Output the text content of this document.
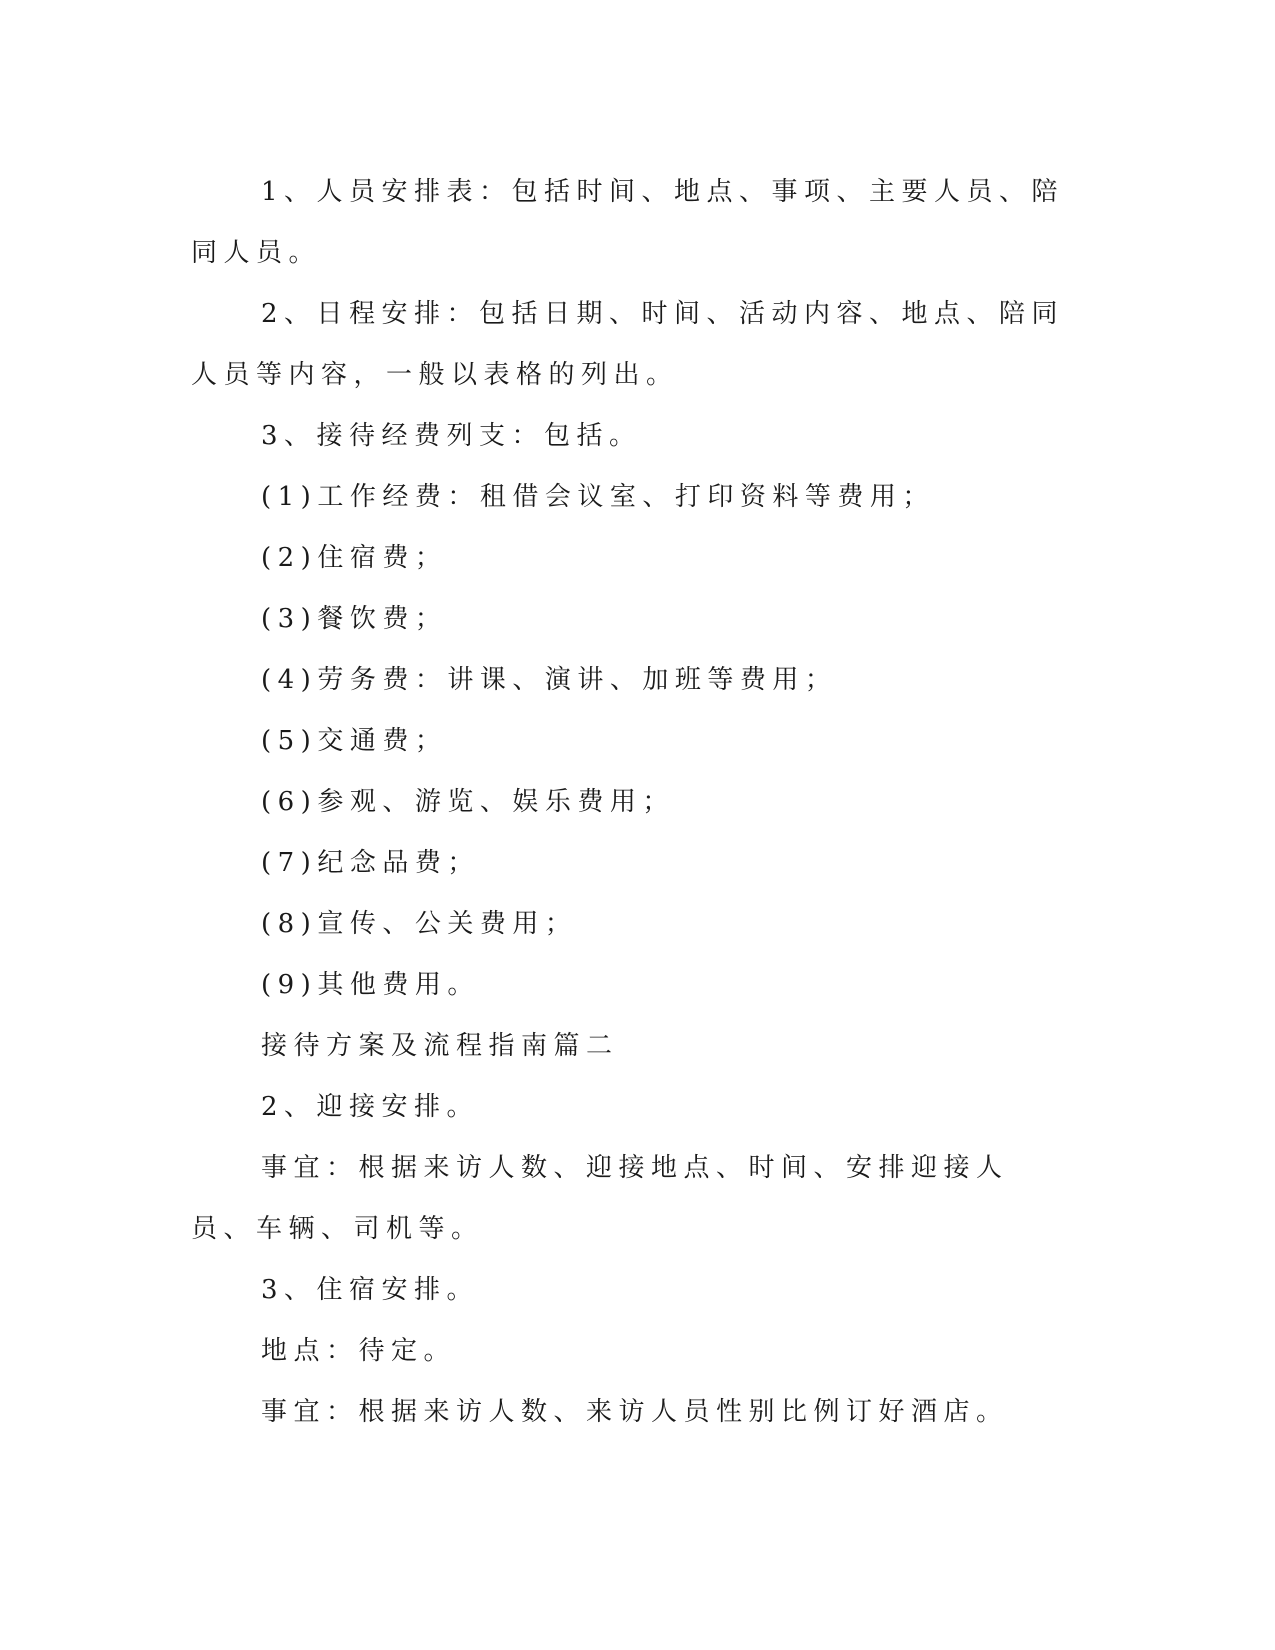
1、人员安排表：包括时间、地点、事项、主要人员、陪同人员。

2、日程安排：包括日期、时间、活动内容、地点、陪同人员等内容，一般以表格的列出。

3、接待经费列支：包括。

(1)工作经费：租借会议室、打印资料等费用；

(2)住宿费；

(3)餐饮费；

(4)劳务费：讲课、演讲、加班等费用；

(5)交通费；

(6)参观、游览、娱乐费用；

(7)纪念品费；

(8)宣传、公关费用；

(9)其他费用。

接待方案及流程指南篇二

2、迎接安排。

事宜：根据来访人数、迎接地点、时间、安排迎接人员、车辆、司机等。

3、住宿安排。

地点：待定。

事宜：根据来访人数、来访人员性别比例订好酒店。
